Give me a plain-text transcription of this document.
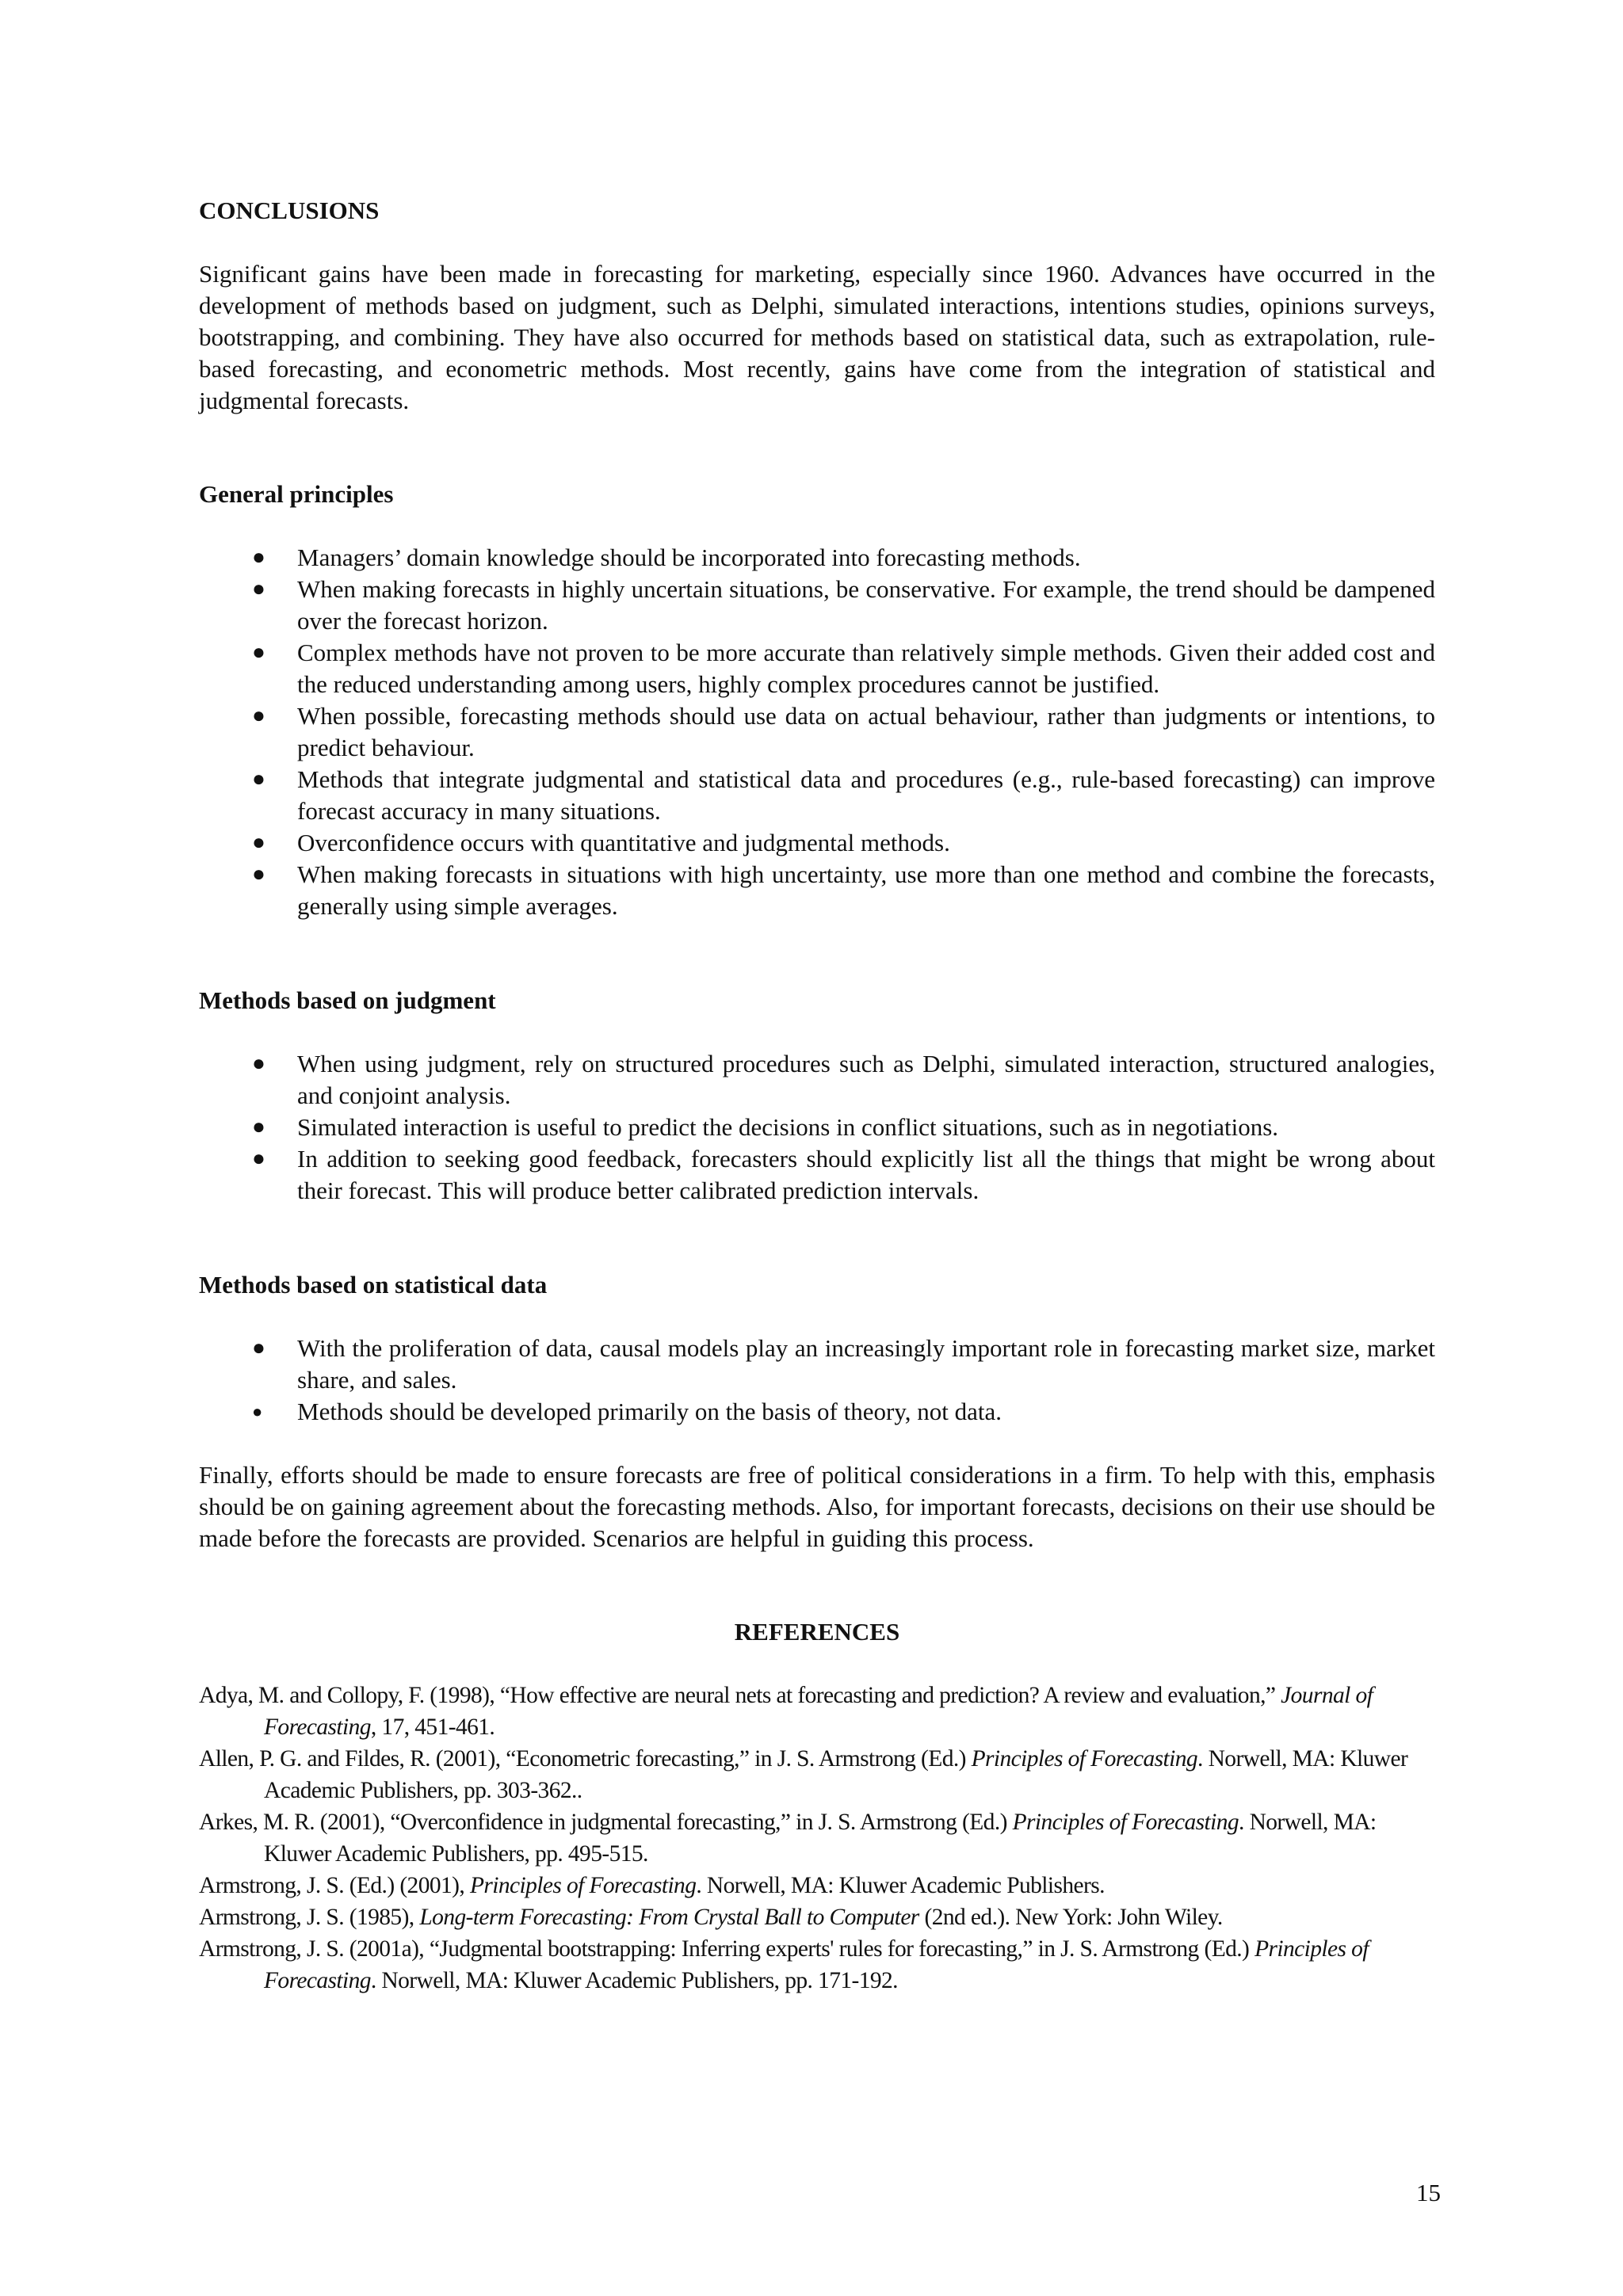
CONCLUSIONS

Significant gains have been made in forecasting for marketing, especially since 1960. Advances have occurred in the development of methods based on judgment, such as Delphi, simulated interactions, intentions studies, opinions surveys, bootstrapping, and combining. They have also occurred for methods based on statistical data, such as extrapolation, rule-based forecasting, and econometric methods. Most recently, gains have come from the integration of statistical and judgmental forecasts.

General principles

● Managers’ domain knowledge should be incorporated into forecasting methods.
● When making forecasts in highly uncertain situations, be conservative. For example, the trend should be dampened over the forecast horizon.
● Complex methods have not proven to be more accurate than relatively simple methods. Given their added cost and the reduced understanding among users, highly complex procedures cannot be justified.
● When possible, forecasting methods should use data on actual behaviour, rather than judgments or intentions, to predict behaviour.
● Methods that integrate judgmental and statistical data and procedures (e.g., rule-based forecasting) can improve forecast accuracy in many situations.
● Overconfidence occurs with quantitative and judgmental methods.
● When making forecasts in situations with high uncertainty, use more than one method and combine the forecasts, generally using simple averages.

Methods based on judgment

● When using judgment, rely on structured procedures such as Delphi, simulated interaction, structured analogies, and conjoint analysis.
● Simulated interaction is useful to predict the decisions in conflict situations, such as in negotiations.
● In addition to seeking good feedback, forecasters should explicitly list all the things that might be wrong about their forecast. This will produce better calibrated prediction intervals.

Methods based on statistical data

● With the proliferation of data, causal models play an increasingly important role in forecasting market size, market share, and sales.
● Methods should be developed primarily on the basis of theory, not data.

Finally, efforts should be made to ensure forecasts are free of political considerations in a firm. To help with this, emphasis should be on gaining agreement about the forecasting methods. Also, for important forecasts, decisions on their use should be made before the forecasts are provided. Scenarios are helpful in guiding this process.

REFERENCES

Adya, M. and Collopy, F. (1998), “How effective are neural nets at forecasting and prediction? A review and evaluation,” Journal of Forecasting, 17, 451-461.

Allen, P. G. and Fildes, R. (2001), “Econometric forecasting,” in J. S. Armstrong (Ed.) Principles of Forecasting. Norwell, MA: Kluwer Academic Publishers, pp. 303-362..

Arkes, M. R. (2001), “Overconfidence in judgmental forecasting,” in J. S. Armstrong (Ed.) Principles of Forecasting. Norwell, MA: Kluwer Academic Publishers, pp. 495-515.

Armstrong, J. S. (Ed.) (2001), Principles of Forecasting. Norwell, MA: Kluwer Academic Publishers.

Armstrong, J. S. (1985), Long-term Forecasting: From Crystal Ball to Computer (2nd ed.). New York: John Wiley.

Armstrong, J. S. (2001a), “Judgmental bootstrapping: Inferring experts' rules for forecasting,” in J. S. Armstrong (Ed.) Principles of Forecasting. Norwell, MA: Kluwer Academic Publishers, pp. 171-192.

15
